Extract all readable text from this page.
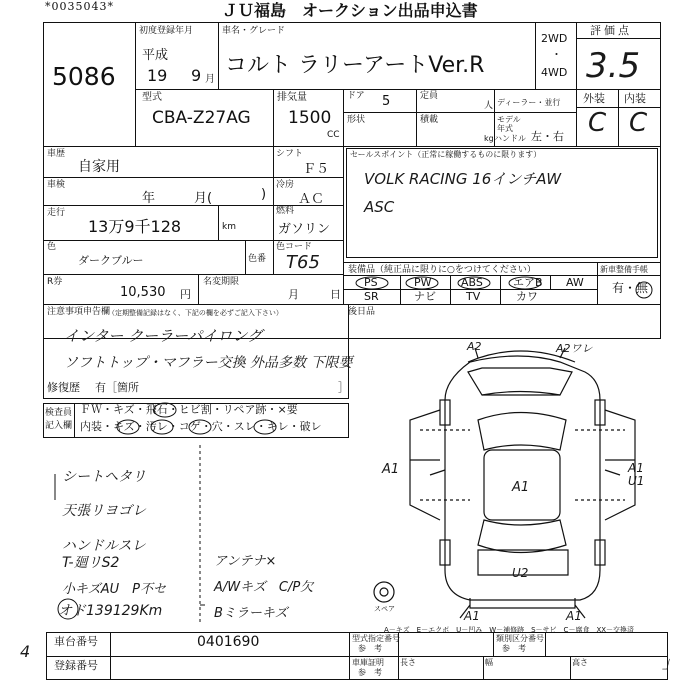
*0035043*	ＪＵ福島　オークション出品申込書
5086
初度登録年月
平成
19 9 月
車名・グレード
コルト ラリーアートVer.R
2WD
・
4WD
評価点
3.5
外装 内装
C C
型式
CBA-Z27AG
排気量
1500
CC
ドア 5
形状
定員
人
積載
kg
ディーラー・並行
モデル年式
ハンドル 左・右
車歴
自家用
シフト
Ｆ５
車検
年	月(	)
冷房
ＡＣ
走行
13万9千128	km
燃料
ガソリン
色
ダークブルー	色番
色コード
T65
R券
10,530 円
名変期限
月	日
セールスポイント（正常に稼働するものに限ります）
VOLK RACING 16インチAW
ASC
装備品（純正品に限りに○をつけてください）	新車整備手帳
PS	PW	ABS	エアB AW
SR	ナビ	TV	カワ
有・無
後日品
注意事項申告欄
（定期整備記録はなく、下記の欄を必ずご記入下さい）
インター クーラーパイロング
ソフトトップ・マフラー交換 外品多数 下限要
修復歴 有［箇所	］
検査員
記入欄
ＦＷ・キズ・飛石・ヒビ割・リペア跡・×要
内装・キズ・汚レ・コゲ・穴・スレ・キレ・破レ
シートヘタリ
天張リヨゴレ
ハンドルスレ
T-廻リS2
小キズAU　P不セ
オド139129Km
アンテナ×
A/Wキズ　C/P欠
Bミラーキズ
A2	A2ワレ
A1
A1
A1 U1
U2
A1	A1
スペア
A－キズ　E－エクボ　U－凹み　W－補修跡　S－サビ　C－腐食　XX－交換済
4
車台番号	0401690
登録番号
型式指定番号
参　考
類別区分番号
参　考
車庫証明 長さ	幅	高さ
参　考
」
